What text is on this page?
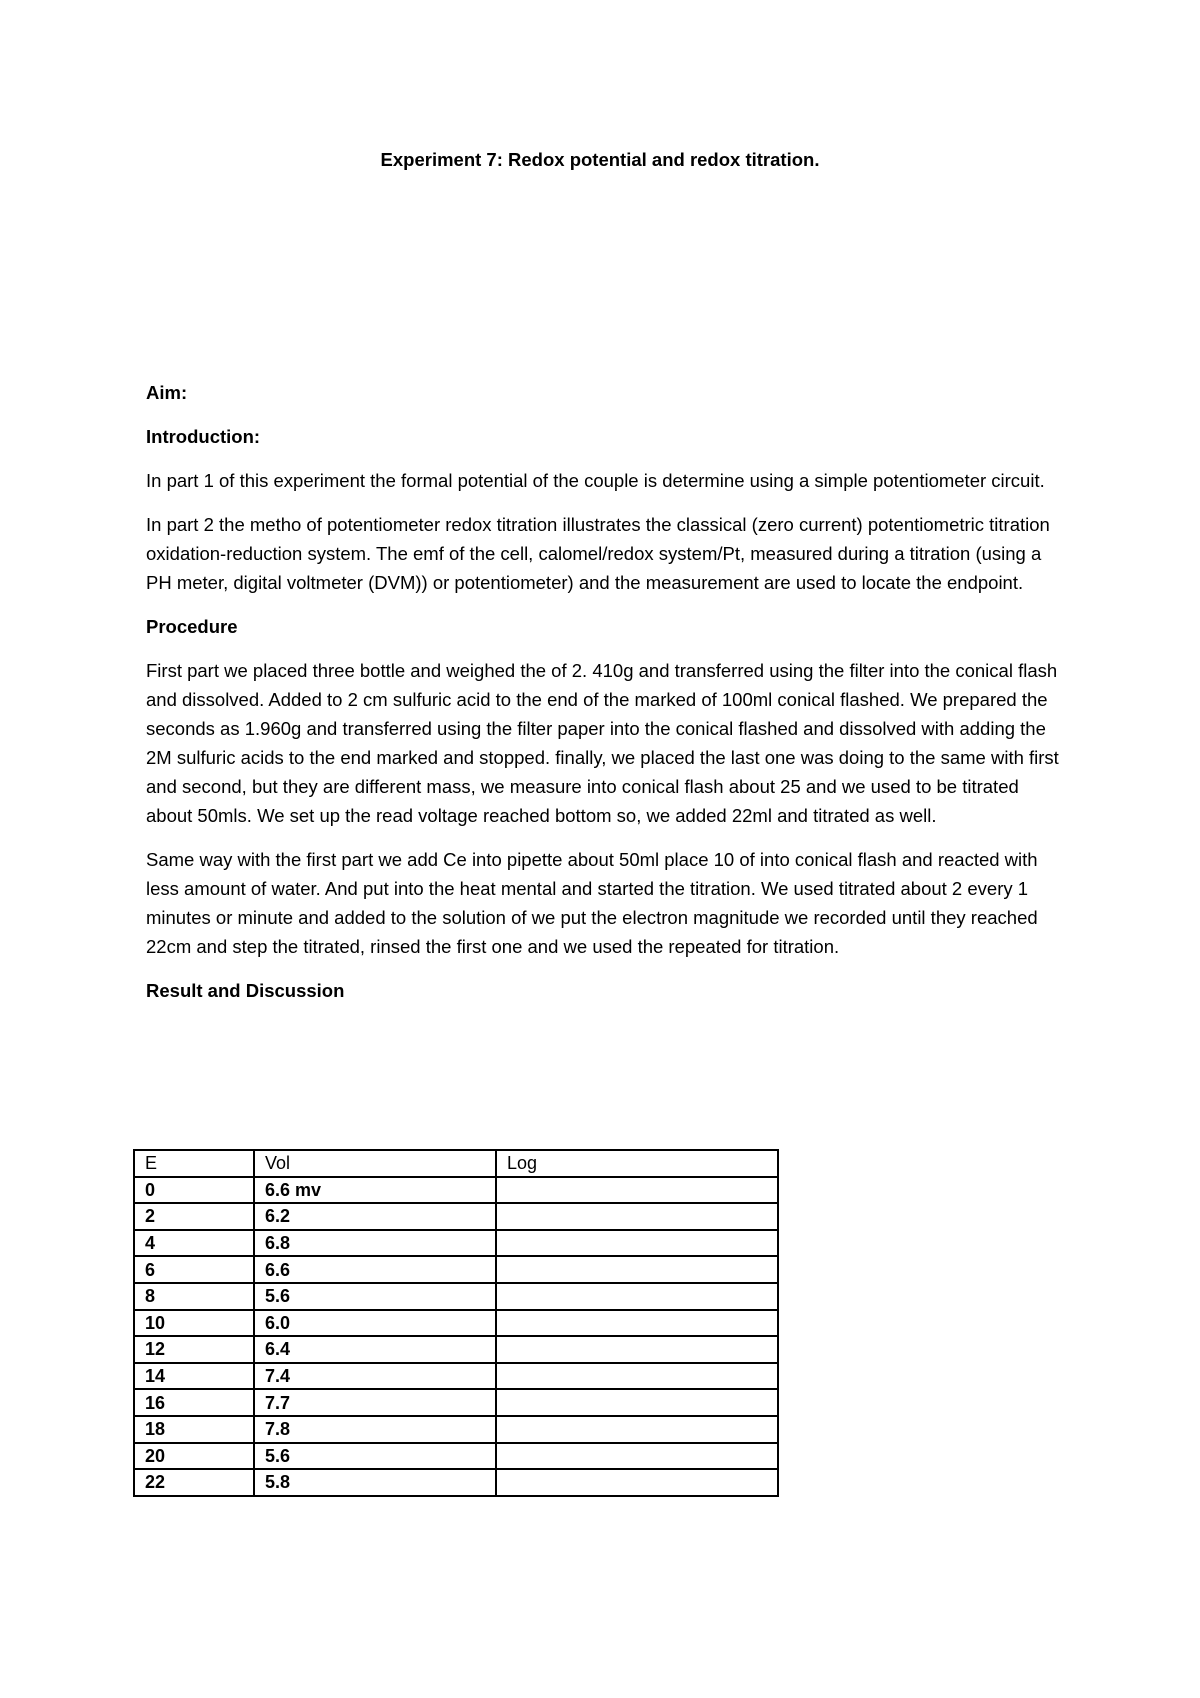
Experiment 7: Redox potential and redox titration.

Aim:

Introduction:

In part 1 of this experiment the formal potential of the couple is determine using a simple potentiometer circuit.

In part 2 the metho of potentiometer redox titration illustrates the classical (zero current) potentiometric titration oxidation-reduction system. The emf of the cell, calomel/redox system/Pt, measured during a titration (using a PH meter, digital voltmeter (DVM)) or potentiometer) and the measurement are used to locate the endpoint.

Procedure

First part we placed three bottle and weighed the of 2. 410g and transferred using the filter into the conical flash and dissolved. Added to 2 cm sulfuric acid to the end of the marked of 100ml conical flashed. We prepared the seconds as 1.960g and transferred using the filter paper into the conical flashed and dissolved with adding the 2M sulfuric acids to the end marked and stopped. finally, we placed the last one was doing to the same with first and second, but they are different mass, we measure into conical flash about 25 and we used to be titrated about 50mls. We set up the read voltage reached bottom so, we added 22ml and titrated as well.

Same way with the first part we add Ce into pipette about 50ml place 10 of into conical flash and reacted with less amount of water. And put into the heat mental and started the titration. We used titrated about 2 every 1 minutes or minute and added to the solution of we put the electron magnitude we recorded until they reached 22cm and step the titrated, rinsed the first one and we used the repeated for titration.

Result and Discussion

E	Vol	Log
0	6.6 mv	
2	6.2	
4	6.8	
6	6.6	
8	5.6	
10	6.0	
12	6.4	
14	7.4	
16	7.7	
18	7.8	
20	5.6	
22	5.8	
